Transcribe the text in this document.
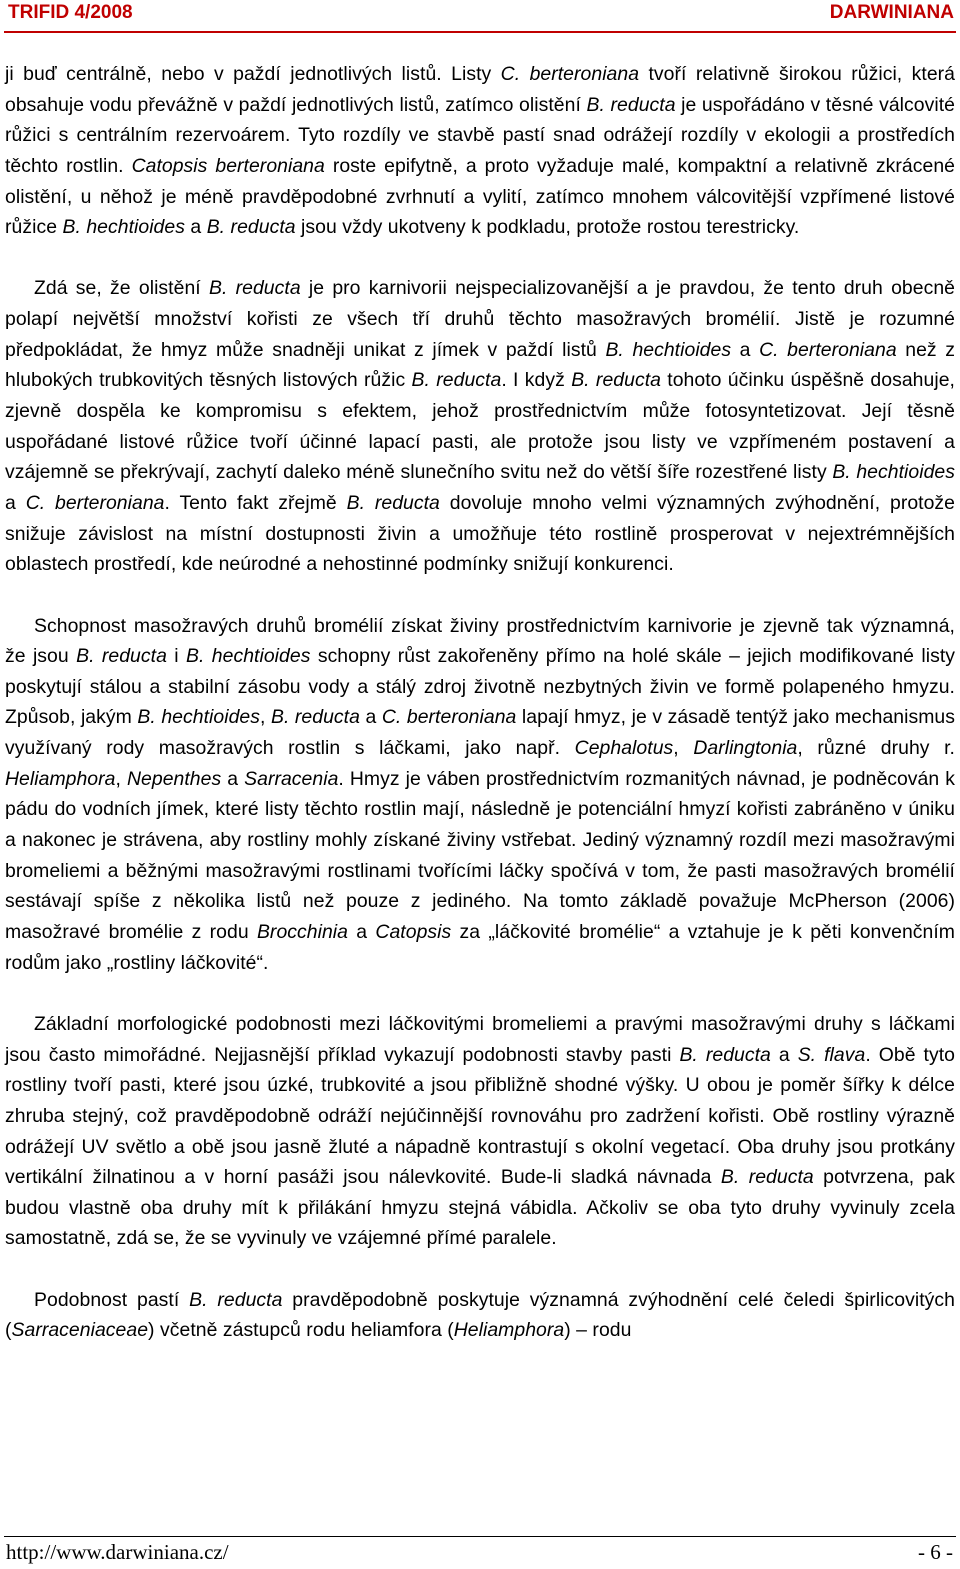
TRIFID 4/2008	DARWINIANA

ji buď centrálně, nebo v paždí jednotlivých listů. Listy C. berteroniana tvoří relativně širokou růžici, která obsahuje vodu převážně v paždí jednotlivých listů, zatímco olistění B. reducta je uspořádáno v těsné válcovité růžici s centrálním rezervoárem. Tyto rozdíly ve stavbě pastí snad odrážejí rozdíly v ekologii a prostředích těchto rostlin. Catopsis berteroniana roste epifytně, a proto vyžaduje malé, kompaktní a relativně zkrácené olistění, u něhož je méně pravděpodobné zvrhnutí a vylití, zatímco mnohem válcovitější vzpřímené listové růžice B. hechtioides a B. reducta jsou vždy ukotveny k podkladu, protože rostou terestricky.

Zdá se, že olistění B. reducta je pro karnivorii nejspecializovanější a je pravdou, že tento druh obecně polapí největší množství kořisti ze všech tří druhů těchto masožravých bromélií. Jistě je rozumné předpokládat, že hmyz může snadněji unikat z jímek v paždí listů B. hechtioides a C. berteroniana než z hlubokých trubkovitých těsných listových růžic B. reducta. I když B. reducta tohoto účinku úspěšně dosahuje, zjevně dospěla ke kompromisu s efektem, jehož prostřednictvím může fotosyntetizovat. Její těsně uspořádané listové růžice tvoří účinné lapací pasti, ale protože jsou listy ve vzpřímeném postavení a vzájemně se překrývají, zachytí daleko méně slunečního svitu než do větší šíře rozestřené listy B. hechtioides a C. berteroniana. Tento fakt zřejmě B. reducta dovoluje mnoho velmi významných zvýhodnění, protože snižuje závislost na místní dostupnosti živin a umožňuje této rostlině prosperovat v nejextrémnějších oblastech prostředí, kde neúrodné a nehostinné podmínky snižují konkurenci.

Schopnost masožravých druhů bromélií získat živiny prostřednictvím karnivorie je zjevně tak významná, že jsou B. reducta i B. hechtioides schopny růst zakořeněny přímo na holé skále – jejich modifikované listy poskytují stálou a stabilní zásobu vody a stálý zdroj životně nezbytných živin ve formě polapeného hmyzu. Způsob, jakým B. hechtioides, B. reducta a C. berteroniana lapají hmyz, je v zásadě tentýž jako mechanismus využívaný rody masožravých rostlin s láčkami, jako např. Cephalotus, Darlingtonia, různé druhy r. Heliamphora, Nepenthes a Sarracenia. Hmyz je váben prostřednictvím rozmanitých návnad, je podněcován k pádu do vodních jímek, které listy těchto rostlin mají, následně je potenciální hmyzí kořisti zabráněno v úniku a nakonec je strávena, aby rostliny mohly získané živiny vstřebat. Jediný významný rozdíl mezi masožravými bromeliemi a běžnými masožravými rostlinami tvořícími láčky spočívá v tom, že pasti masožravých bromélií sestávají spíše z několika listů než pouze z jediného. Na tomto základě považuje McPherson (2006) masožravé bromélie z rodu Brocchinia a Catopsis za „láčkovité bromélie“ a vztahuje je k pěti konvenčním rodům jako „rostliny láčkovité“.

Základní morfologické podobnosti mezi láčkovitými bromeliemi a pravými masožravými druhy s láčkami jsou často mimořádné. Nejjasnější příklad vykazují podobnosti stavby pasti B. reducta a S. flava. Obě tyto rostliny tvoří pasti, které jsou úzké, trubkovité a jsou přibližně shodné výšky. U obou je poměr šířky k délce zhruba stejný, což pravděpodobně odráží nejúčinnější rovnováhu pro zadržení kořisti. Obě rostliny výrazně odrážejí UV světlo a obě jsou jasně žluté a nápadně kontrastují s okolní vegetací. Oba druhy jsou protkány vertikální žilnatinou a v horní pasáži jsou nálevkovité. Bude-li sladká návnada B. reducta potvrzena, pak budou vlastně oba druhy mít k přilákání hmyzu stejná vábidla. Ačkoliv se oba tyto druhy vyvinuly zcela samostatně, zdá se, že se vyvinuly ve vzájemné přímé paralele.

Podobnost pastí B. reducta pravděpodobně poskytuje významná zvýhodnění celé čeledi špirlicovitých (Sarraceniaceae) včetně zástupců rodu heliamfora (Heliamphora) – rodu

http://www.darwiniana.cz/	- 6 -
